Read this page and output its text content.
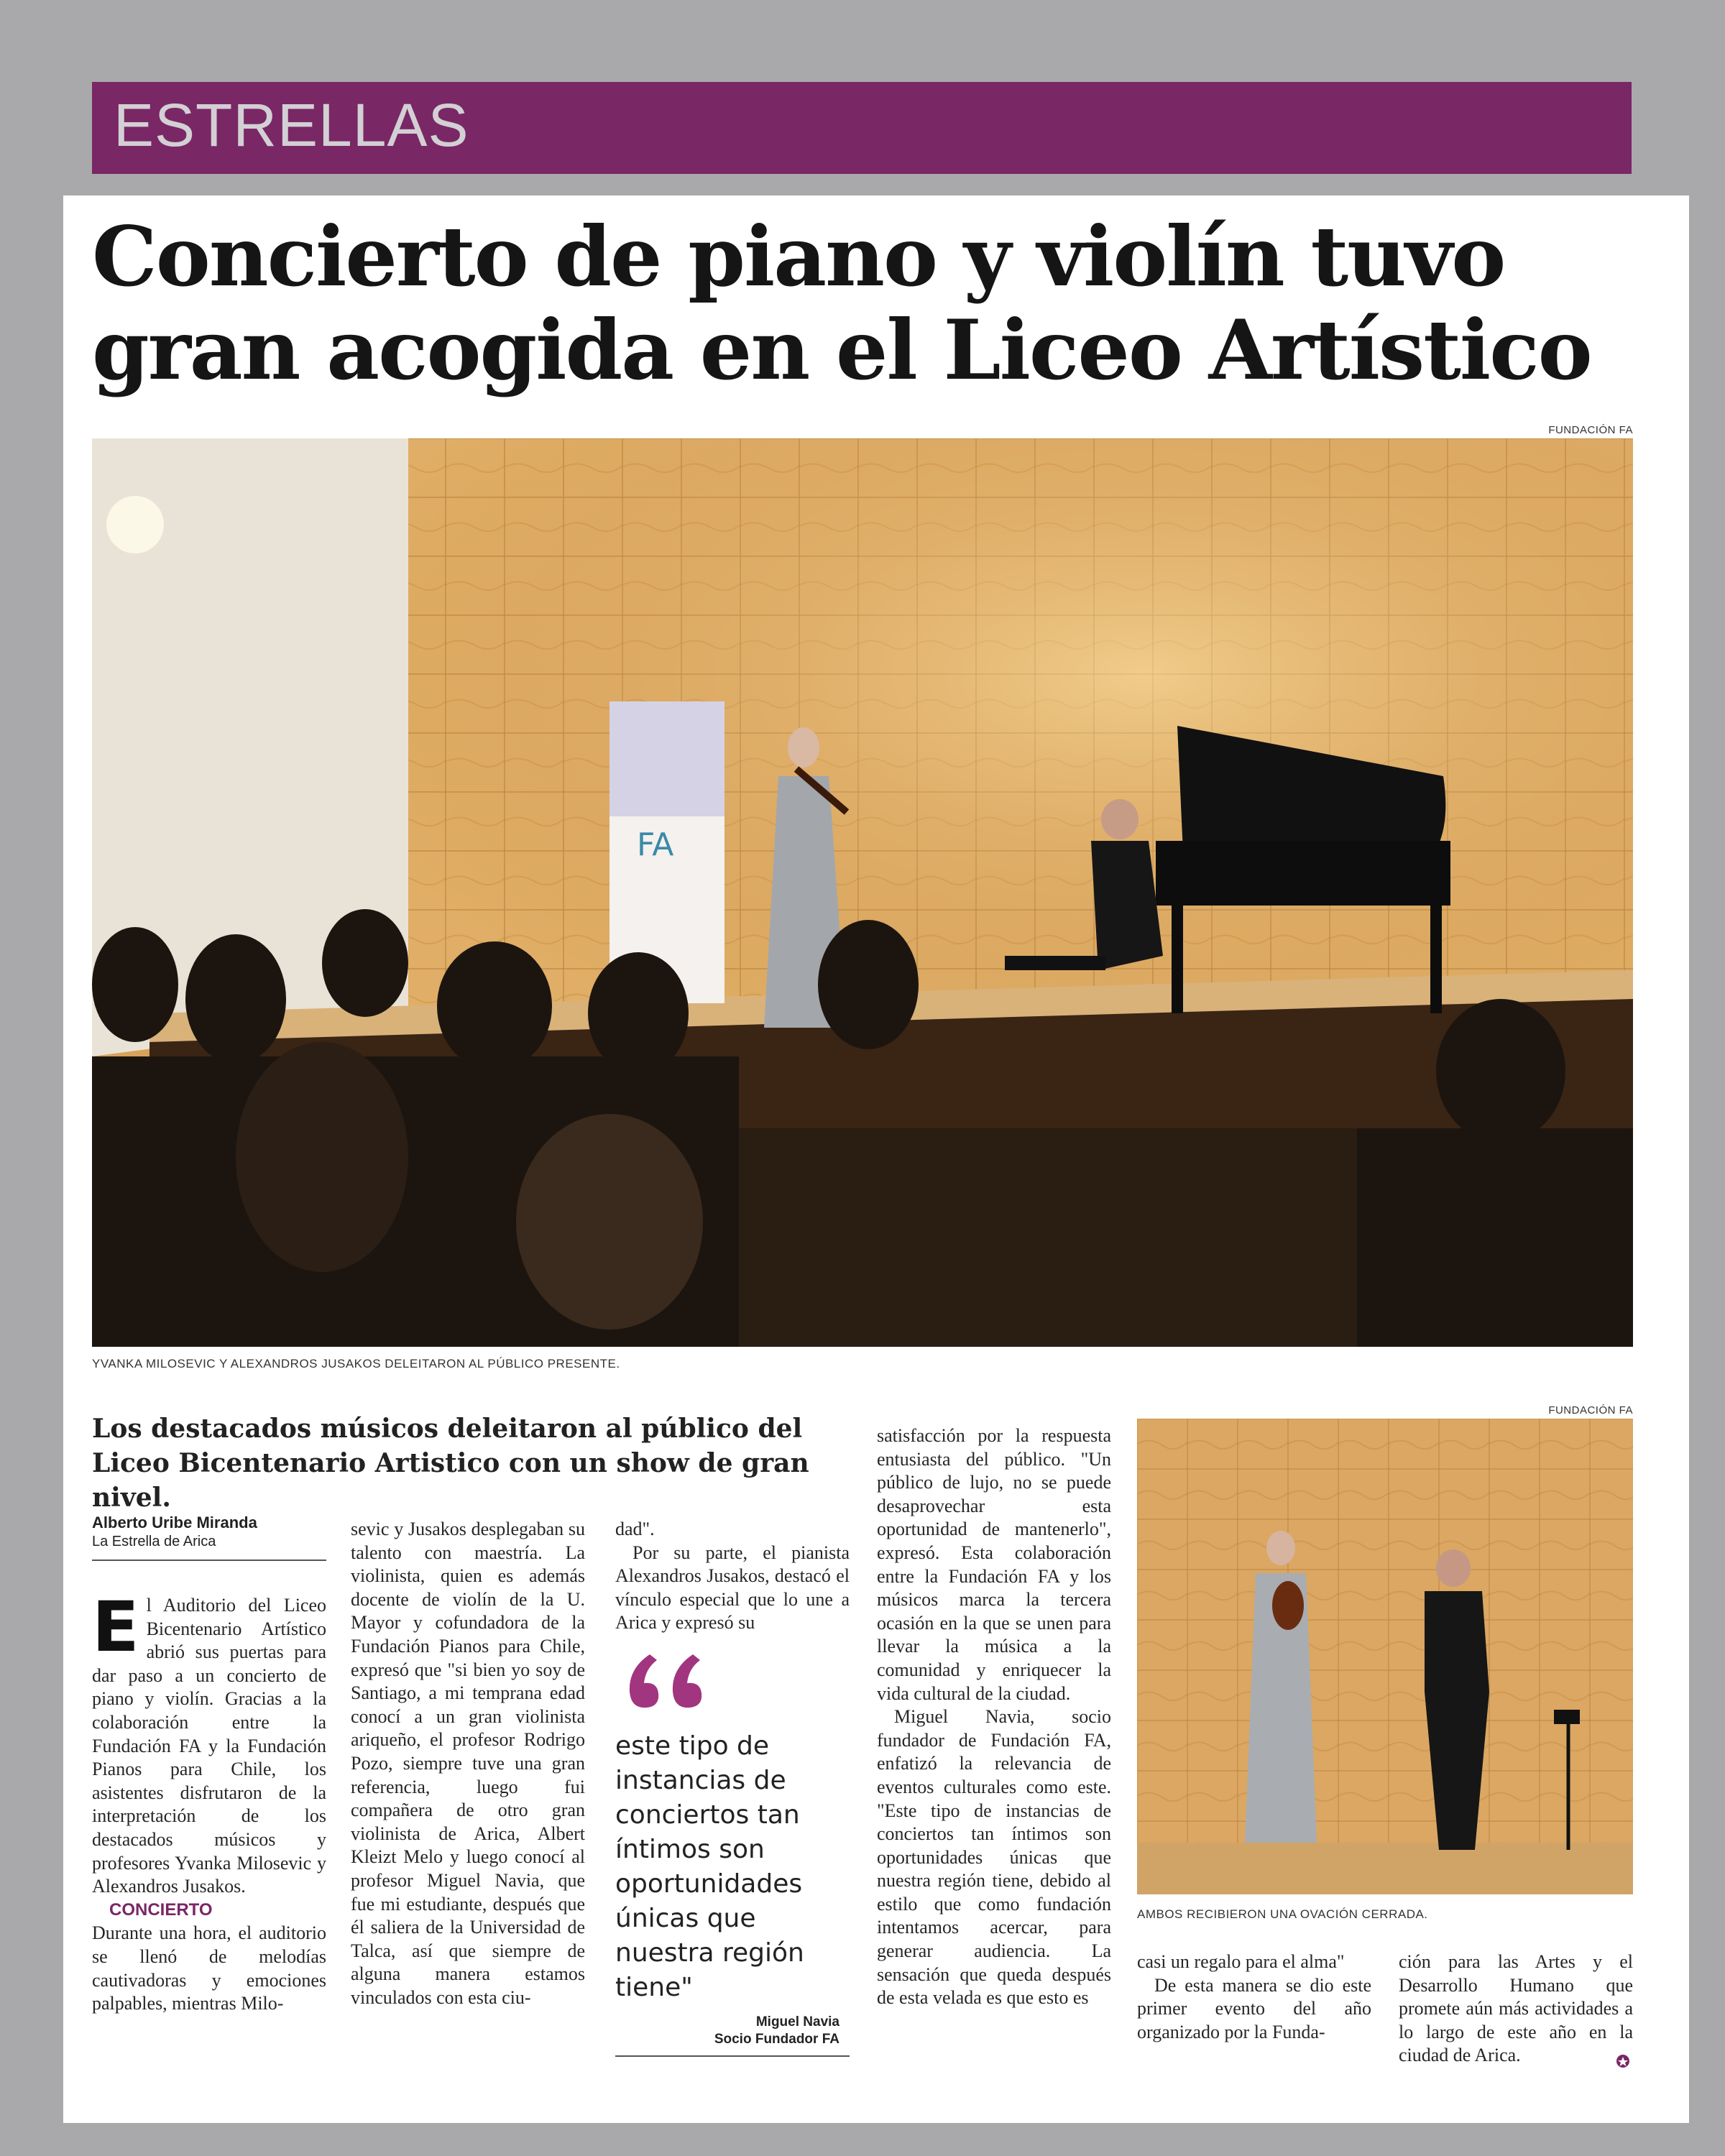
ESTRELLAS
Concierto de piano y violín tuvo gran acogida en el Liceo Artístico
FUNDACIÓN FA
FA
YVANKA MILOSEVIC Y ALEXANDROS JUSAKOS DELEITARON AL PÚBLICO PRESENTE.
Los destacados músicos deleitaron al público del Liceo Bicentenario Artistico con un show de gran nivel.
Alberto Uribe Miranda
La Estrella de Arica

El Auditorio del Liceo Bicentenario Artístico abrió sus puertas para dar paso a un concierto de piano y violín. Gracias a la colaboración entre la Fundación FA y la Fundación Pianos para Chile, los asistentes disfrutaron de la interpretación de los destacados músicos y profesores Yvanka Milosevic y Alexandros Jusakos.

CONCIERTO

Durante una hora, el auditorio se llenó de melodías cautivadoras y emociones palpables, mientras Milo-

sevic y Jusakos desplegaban su talento con maestría. La violinista, quien es además docente de violín de la U. Mayor y cofundadora de la Fundación Pianos para Chile, expresó que "si bien yo soy de Santiago, a mi temprana edad conocí a un gran violinista ariqueño, el profesor Rodrigo Pozo, siempre tuve una gran referencia, luego fui compañera de otro gran violinista de Arica, Albert Kleizt Melo y luego conocí al profesor Miguel Navia, que fue mi estudiante, después que él saliera de la Universidad de Talca, así que siempre de alguna manera estamos vinculados con esta ciu-

dad".

Por su parte, el pianista Alexandros Jusakos, destacó el vínculo especial que lo une a Arica y expresó su

este tipo de instancias de conciertos tan íntimos son oportunidades únicas que nuestra región tiene"

Miguel Navia
Socio Fundador FA

satisfacción por la respuesta entusiasta del público. "Un público de lujo, no se puede desaprovechar esta oportunidad de mantenerlo", expresó. Esta colaboración entre la Fundación FA y los músicos marca la tercera ocasión en la que se unen para llevar la música a la comunidad y enriquecer la vida cultural de la ciudad.

Miguel Navia, socio fundador de Fundación FA, enfatizó la relevancia de eventos culturales como este. "Este tipo de instancias de conciertos tan íntimos son oportunidades únicas que nuestra región tiene, debido al estilo que como fundación intentamos acercar, para generar audiencia. La sensación que queda después de esta velada es que esto es

FUNDACIÓN FA
AMBOS RECIBIERON UNA OVACIÓN CERRADA.

casi un regalo para el alma"

De esta manera se dio este primer evento del año organizado por la Funda-

ción para las Artes y el Desarrollo Humano que promete aún más actividades a lo largo de este año en la ciudad de Arica.
